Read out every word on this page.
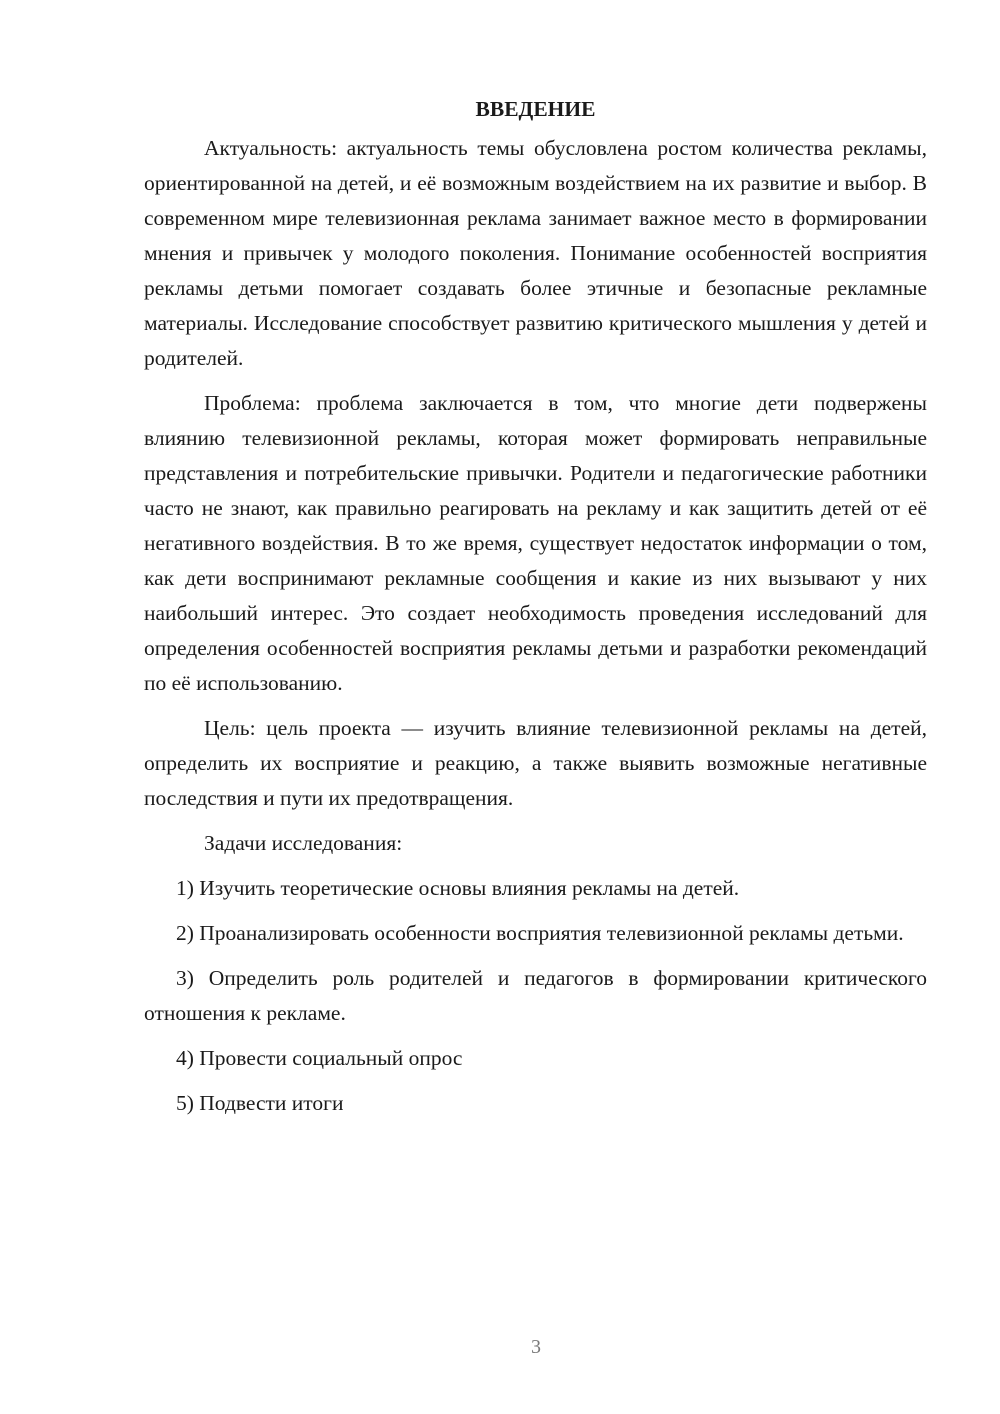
ВВЕДЕНИЕ

Актуальность: актуальность темы обусловлена ростом количества рекламы, ориентированной на детей, и её возможным воздействием на их развитие и выбор. В современном мире телевизионная реклама занимает важное место в формировании мнения и привычек у молодого поколения. Понимание особенностей восприятия рекламы детьми помогает создавать более этичные и безопасные рекламные материалы. Исследование способствует развитию критического мышления у детей и родителей.

Проблема: проблема заключается в том, что многие дети подвержены влиянию телевизионной рекламы, которая может формировать неправильные представления и потребительские привычки. Родители и педагогические работники часто не знают, как правильно реагировать на рекламу и как защитить детей от её негативного воздействия. В то же время, существует недостаток информации о том, как дети воспринимают рекламные сообщения и какие из них вызывают у них наибольший интерес. Это создает необходимость проведения исследований для определения особенностей восприятия рекламы детьми и разработки рекомендаций по её использованию.

Цель: цель проекта — изучить влияние телевизионной рекламы на детей, определить их восприятие и реакцию, а также выявить возможные негативные последствия и пути их предотвращения.

Задачи исследования:

1) Изучить теоретические основы влияния рекламы на детей.

2) Проанализировать особенности восприятия телевизионной рекламы детьми.

3) Определить роль родителей и педагогов в формировании критического отношения к рекламе.

4) Провести социальный опрос

5) Подвести итоги

3
